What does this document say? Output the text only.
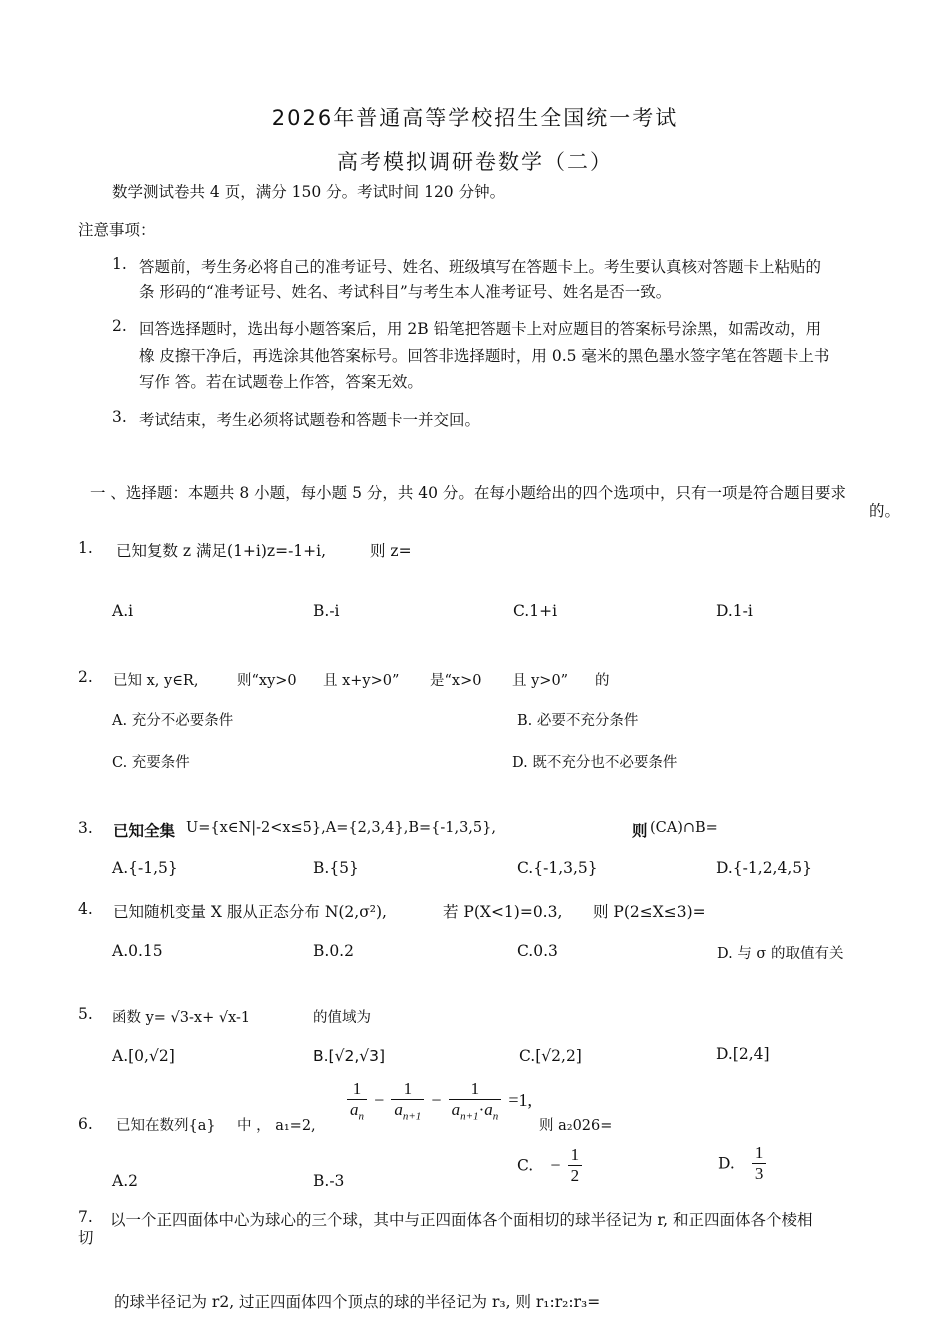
2026年普通高等学校招生全国统一考试
高考模拟调研卷数学（二）
数学测试卷共 4 页，满分 150 分。考试时间 120 分钟。
注意事项：
1. 答题前，考生务必将自己的准考证号、姓名、班级填写在答题卡上。考生要认真核对答题卡上粘贴的
条 形码的“准考证号、姓名、考试科目”与考生本人准考证号、姓名是否一致。
2. 回答选择题时，选出每小题答案后，用 2B 铅笔把答题卡上对应题目的答案标号涂黑，如需改动，用
橡 皮擦干净后，再选涂其他答案标号。回答非选择题时，用 0.5 毫米的黑色墨水签字笔在答题卡上书
写作 答。若在试题卷上作答，答案无效。
3. 考试结束，考生必须将试题卷和答题卡一并交回。
一 、选择题：本题共 8 小题，每小题 5 分，共 40 分。在每小题给出的四个选项中，只有一项是符合题目要求
的。
1. 已知复数 z 满足(1+i)z=-1+i,	则 z=
A.i	B.-i	C.1+i	D.1-i
2. 已知 x, y∈R,	则“xy>0 且 x+y>0” 是“x>0 且 y>0” 的
A. 充分不必要条件	B. 必要不充分条件
C. 充要条件	D. 既不充分也不必要条件
3. 已知全集 U={x∈N|-2<x≤5},A={2,3,4},B={-1,3,5},	则 (CA)∩B=
A.{-1,5}	B.{5}	C.{-1,3,5}	D.{-1,2,4,5}
4. 已知随机变量 X 服从正态分布 N(2,σ²),	若 P(X<1)=0.3, 则 P(2≤X≤3)=
A.0.15	B.0.2	C.0.3	D. 与 σ 的取值有关
5. 函数 y= √3-x+ √x-1	的值域为
A.[0,√2]	B.[√2,√3]	C.[√2,2]	D.[2,4]
6. 已知在数列{a} 中 ， a₁=2,
$\frac{1}{a_n} - \frac{1}{a_{n+1}} - \frac{1}{a_{n+1}\cdot a_n} =1$,
则 a₂026=
A.2	B.-3
C. − $\frac{1}{2}$	D. $\frac{1}{3}$
7. 以一个正四面体中心为球心的三个球，其中与正四面体各个面相切的球半径记为 r, 和正四面体各个棱相
切
的球半径记为 r2, 过正四面体四个顶点的球的半径记为 r₃, 则 r₁:r₂:r₃=
